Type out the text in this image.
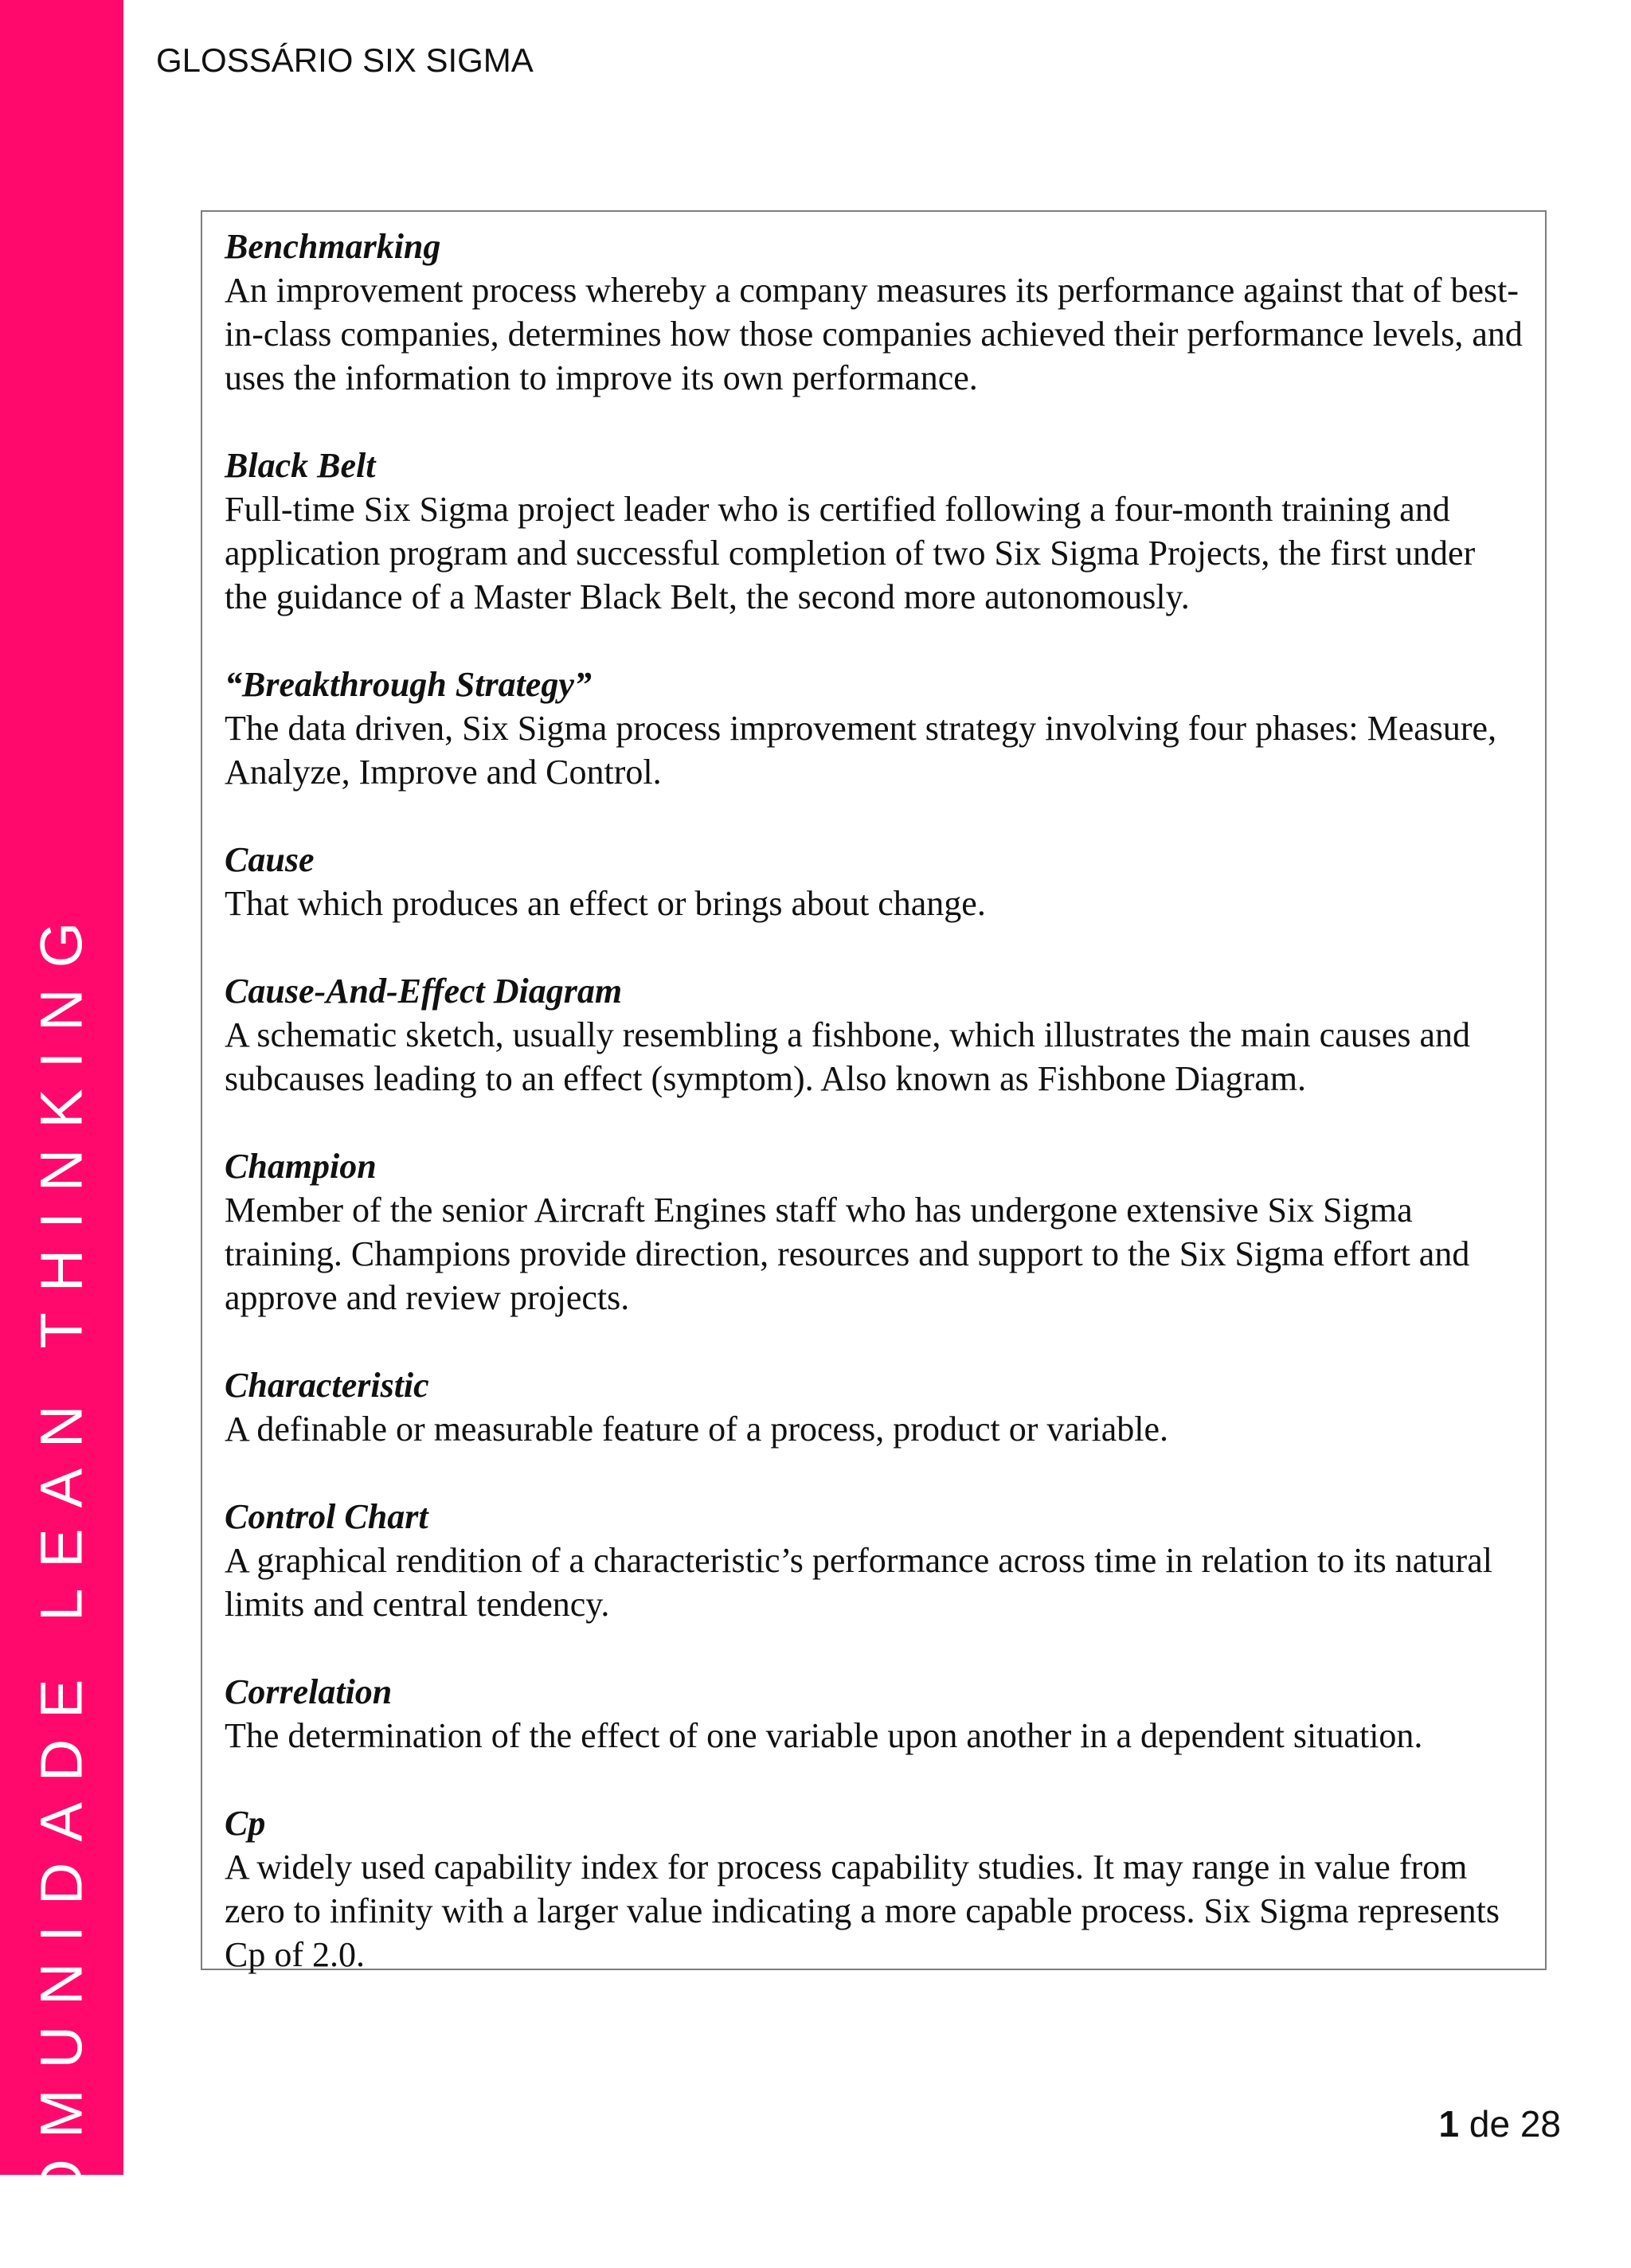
COMUNIDADE LEAN THINKING
GLOSSÁRIO SIX SIGMA
Benchmarking
An improvement process whereby a company measures its performance against that of best-in-class companies, determines how those companies achieved their performance levels, and uses the information to improve its own performance.
Black Belt
Full-time Six Sigma project leader who is certified following a four-month training and application program and successful completion of two Six Sigma Projects, the first under the guidance of a Master Black Belt, the second more autonomously.
“Breakthrough Strategy”
The data driven, Six Sigma process improvement strategy involving four phases: Measure, Analyze, Improve and Control.
Cause
That which produces an effect or brings about change.
Cause-And-Effect Diagram
A schematic sketch, usually resembling a fishbone, which illustrates the main causes and subcauses leading to an effect (symptom). Also known as Fishbone Diagram.
Champion
Member of the senior Aircraft Engines staff who has undergone extensive Six Sigma training. Champions provide direction, resources and support to the Six Sigma effort and approve and review projects.
Characteristic
A definable or measurable feature of a process, product or variable.
Control Chart
A graphical rendition of a characteristic’s performance across time in relation to its natural limits and central tendency.
Correlation
The determination of the effect of one variable upon another in a dependent situation.
Cp
A widely used capability index for process capability studies. It may range in value from zero to infinity with a larger value indicating a more capable process. Six Sigma represents Cp of 2.0.
1 de 28
